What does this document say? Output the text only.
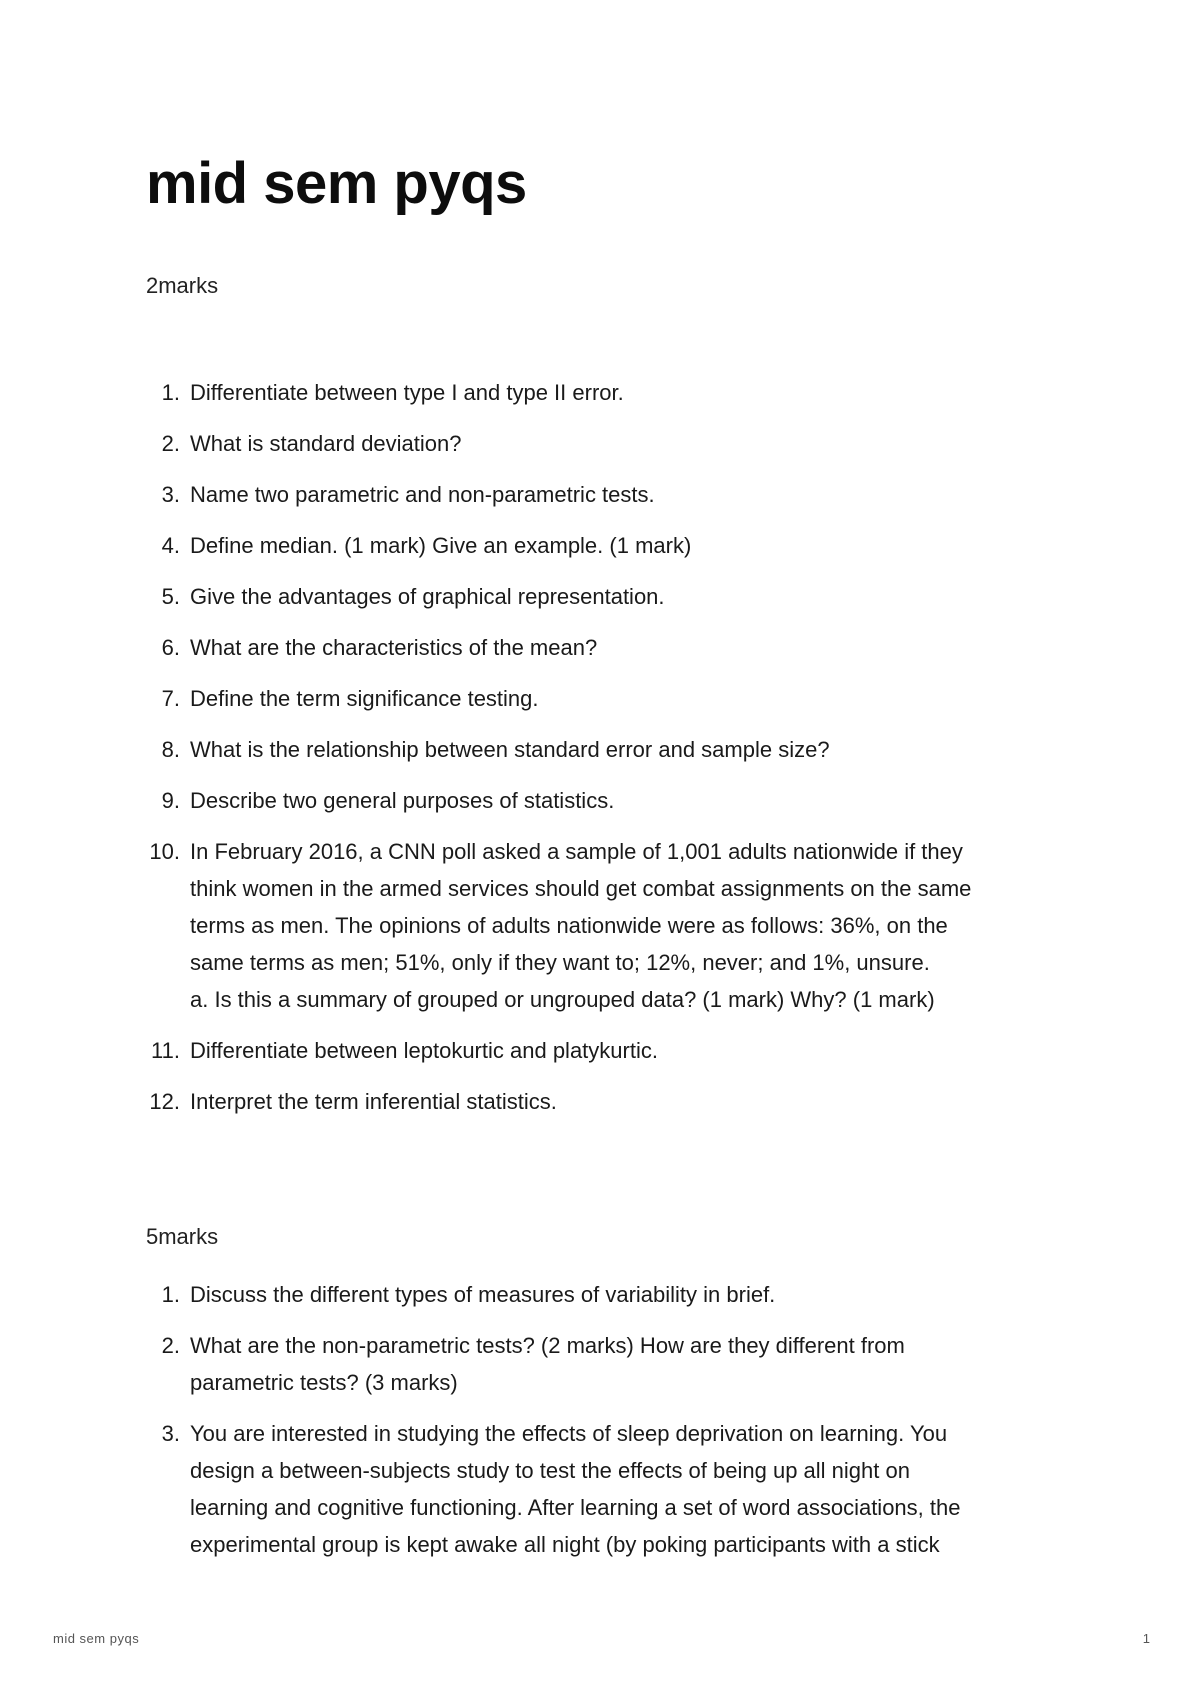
mid sem pyqs

2marks

1. Differentiate between type I and type II error.
2. What is standard deviation?
3. Name two parametric and non-parametric tests.
4. Define median. (1 mark) Give an example. (1 mark)
5. Give the advantages of graphical representation.
6. What are the characteristics of the mean?
7. Define the term significance testing.
8. What is the relationship between standard error and sample size?
9. Describe two general purposes of statistics.
10. In February 2016, a CNN poll asked a sample of 1,001 adults nationwide if they
think women in the armed services should get combat assignments on the same
terms as men. The opinions of adults nationwide were as follows: 36%, on the
same terms as men; 51%, only if they want to; 12%, never; and 1%, unsure.
a. Is this a summary of grouped or ungrouped data? (1 mark) Why? (1 mark)
11. Differentiate between leptokurtic and platykurtic.
12. Interpret the term inferential statistics.

5marks

1. Discuss the different types of measures of variability in brief.
2. What are the non-parametric tests? (2 marks) How are they different from
parametric tests? (3 marks)
3. You are interested in studying the effects of sleep deprivation on learning. You
design a between-subjects study to test the effects of being up all night on
learning and cognitive functioning. After learning a set of word associations, the
experimental group is kept awake all night (by poking participants with a stick
mid sem pyqs	1
